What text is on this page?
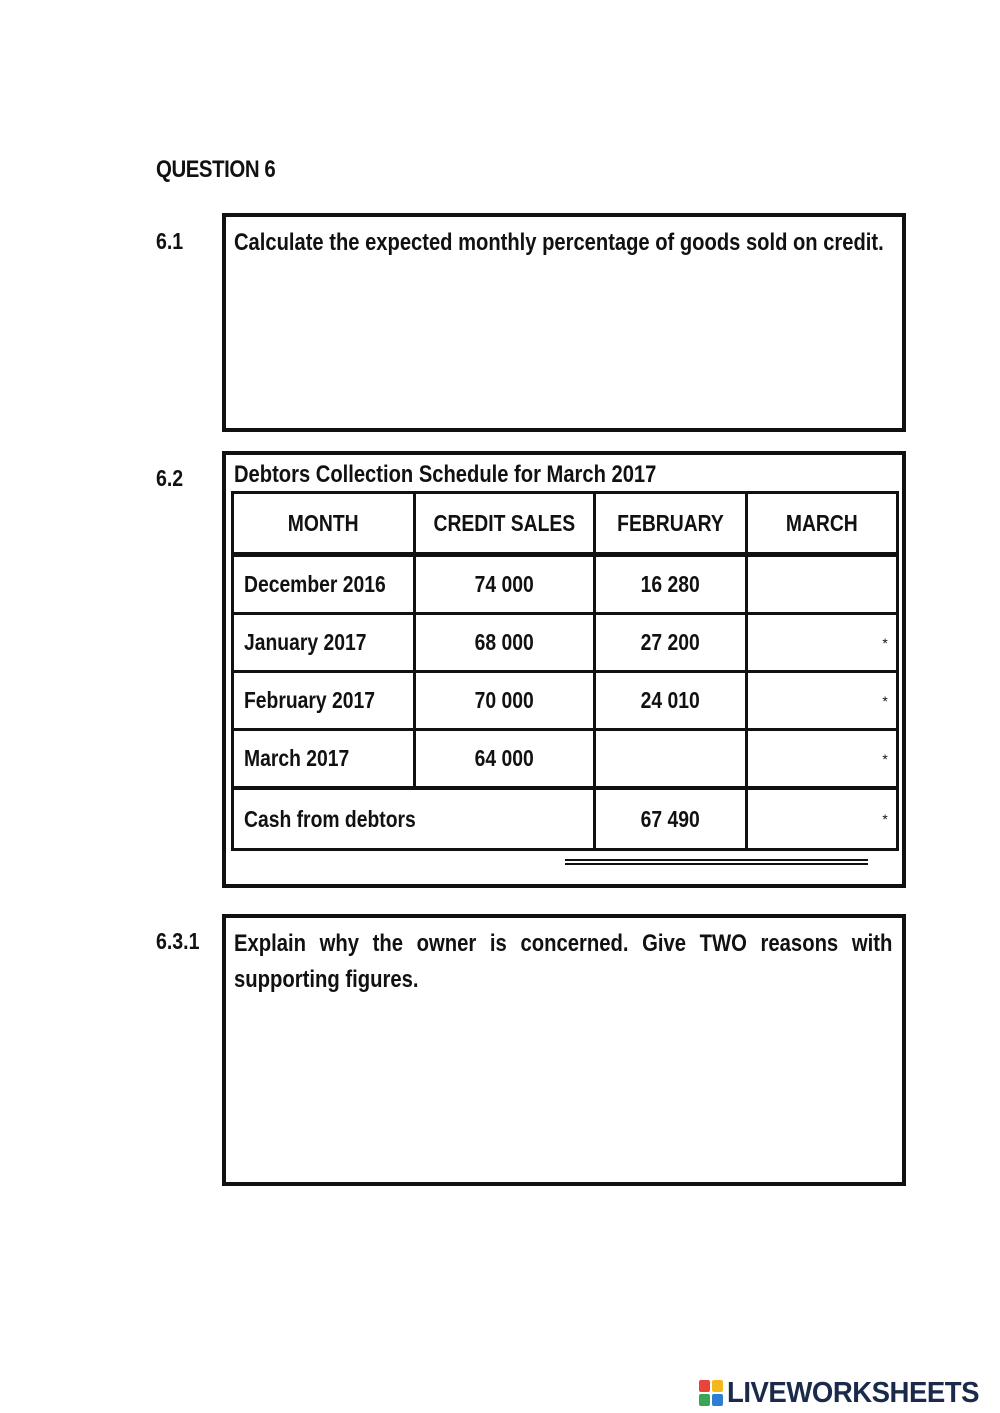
QUESTION 6
6.1 Calculate the expected monthly percentage of goods sold on credit.
6.2 Debtors Collection Schedule for March 2017
MONTH	CREDIT SALES	FEBRUARY	MARCH
December 2016	74 000	16 280	
January 2017	68 000	27 200	*
February 2017	70 000	24 010	*
March 2017	64 000		*
Cash from debtors		67 490	*
6.3.1 Explain why the owner is concerned. Give TWO reasons with supporting figures.
LIVEWORKSHEETS
